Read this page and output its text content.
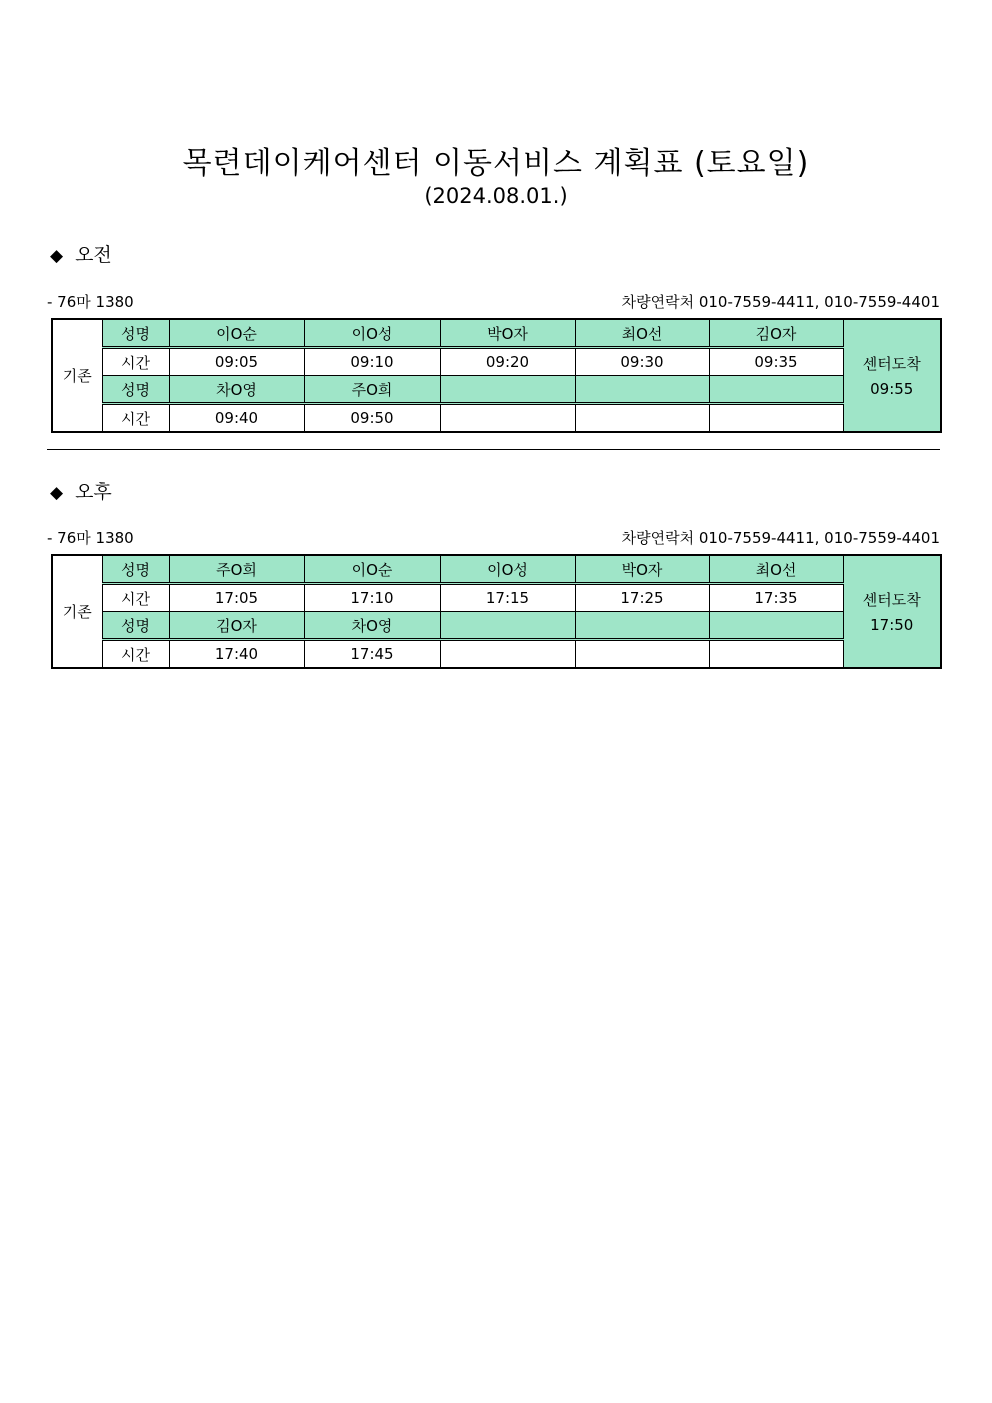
목련데이케어센터 이동서비스 계획표 (토요일)
(2024.08.01.)
◆ 오전
- 76마 1380	차량연락처 010-7559-4411, 010-7559-4401
기존	성명	이O순	이O성	박O자	최O선	김O자	센터도착
09:55

	시간	09:05	09:10	09:20	09:30	09:35	
	성명	차O영	주O희				
	시간	09:40	09:50				
◆ 오후
- 76마 1380	차량연락처 010-7559-4411, 010-7559-4401
기존	성명	주O희	이O순	이O성	박O자	최O선	센터도착
17:50

	시간	17:05	17:10	17:15	17:25	17:35	
	성명	김O자	차O영				
	시간	17:40	17:45				
